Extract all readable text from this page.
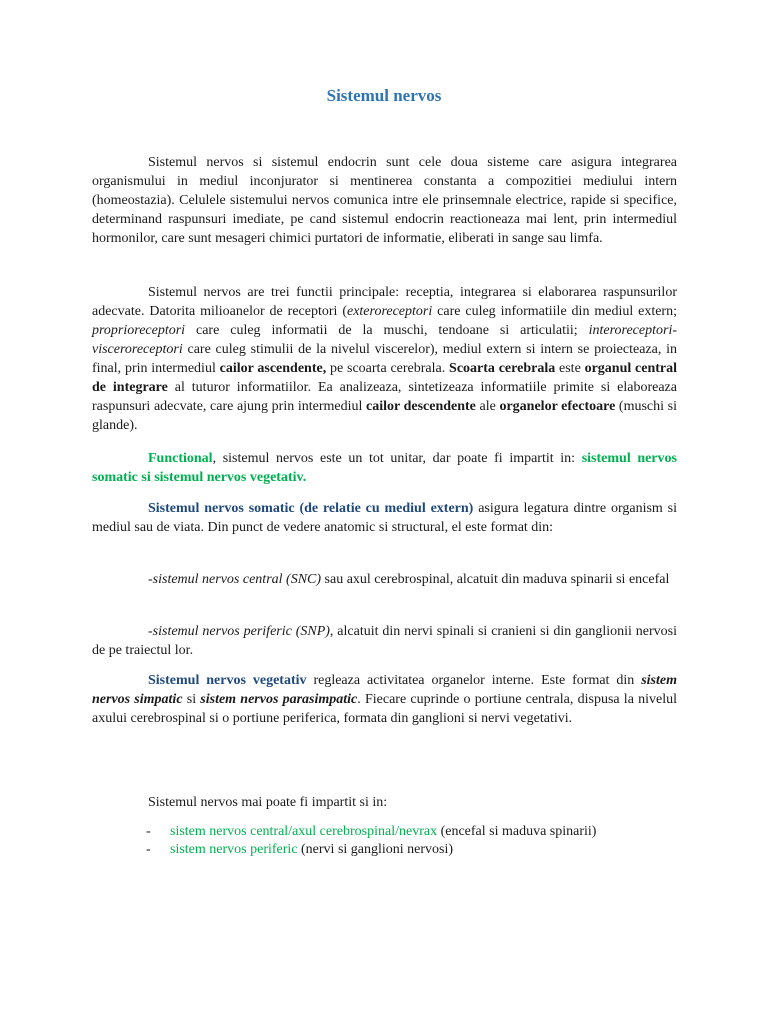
Sistemul nervos

Sistemul nervos si sistemul endocrin sunt cele doua sisteme care asigura integrarea organismului in mediul inconjurator si mentinerea constanta a compozitiei mediului intern (homeostazia). Celulele sistemului nervos comunica intre ele prinsemnale electrice, rapide si specifice, determinand raspunsuri imediate, pe cand sistemul endocrin reactioneaza mai lent, prin intermediul hormonilor, care sunt mesageri chimici purtatori de informatie, eliberati in sange sau limfa.

Sistemul nervos are trei functii principale: receptia, integrarea si elaborarea raspunsurilor adecvate. Datorita milioanelor de receptori (exteroreceptori care culeg informatiile din mediul extern; proprioreceptori care culeg informatii de la muschi, tendoane si articulatii; interoreceptori-visceroreceptori care culeg stimulii de la nivelul viscerelor), mediul extern si intern se proiecteaza, in final, prin intermediul cailor ascendente, pe scoarta cerebrala. Scoarta cerebrala este organul central de integrare al tuturor informatiilor. Ea analizeaza, sintetizeaza informatiile primite si elaboreaza raspunsuri adecvate, care ajung prin intermediul cailor descendente ale organelor efectoare (muschi si glande).

Functional, sistemul nervos este un tot unitar, dar poate fi impartit in: sistemul nervos somatic si sistemul nervos vegetativ.

Sistemul nervos somatic (de relatie cu mediul extern) asigura legatura dintre organism si mediul sau de viata. Din punct de vedere anatomic si structural, el este format din:

-sistemul nervos central (SNC) sau axul cerebrospinal, alcatuit din maduva spinarii si encefal

-sistemul nervos periferic (SNP), alcatuit din nervi spinali si cranieni si din ganglionii nervosi de pe traiectul lor.

Sistemul nervos vegetativ regleaza activitatea organelor interne. Este format din sistem nervos simpatic si sistem nervos parasimpatic. Fiecare cuprinde o portiune centrala, dispusa la nivelul axului cerebrospinal si o portiune periferica, formata din ganglioni si nervi vegetativi.

Sistemul nervos mai poate fi impartit si in:

- sistem nervos central/axul cerebrospinal/nevrax (encefal si maduva spinarii)
- sistem nervos periferic (nervi si ganglioni nervosi)
